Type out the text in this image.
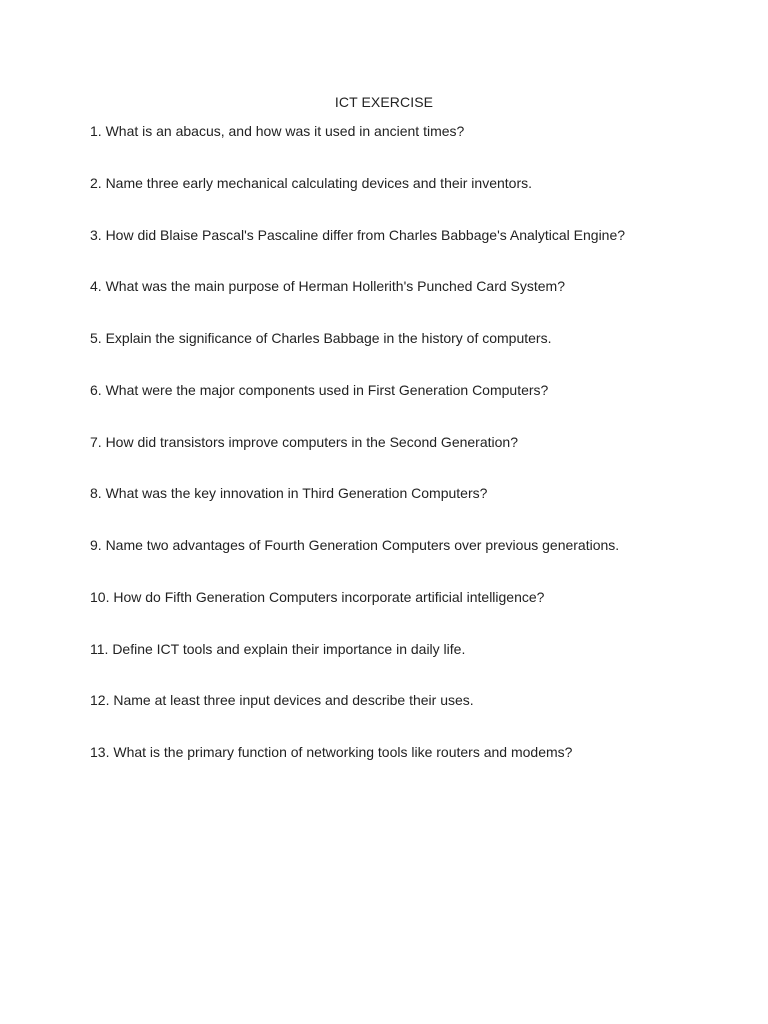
ICT EXERCISE
1. What is an abacus, and how was it used in ancient times?
2. Name three early mechanical calculating devices and their inventors.
3. How did Blaise Pascal's Pascaline differ from Charles Babbage's Analytical Engine?
4. What was the main purpose of Herman Hollerith's Punched Card System?
5. Explain the significance of Charles Babbage in the history of computers.
6. What were the major components used in First Generation Computers?
7. How did transistors improve computers in the Second Generation?
8. What was the key innovation in Third Generation Computers?
9. Name two advantages of Fourth Generation Computers over previous generations.
10. How do Fifth Generation Computers incorporate artificial intelligence?
11. Define ICT tools and explain their importance in daily life.
12. Name at least three input devices and describe their uses.
13. What is the primary function of networking tools like routers and modems?
